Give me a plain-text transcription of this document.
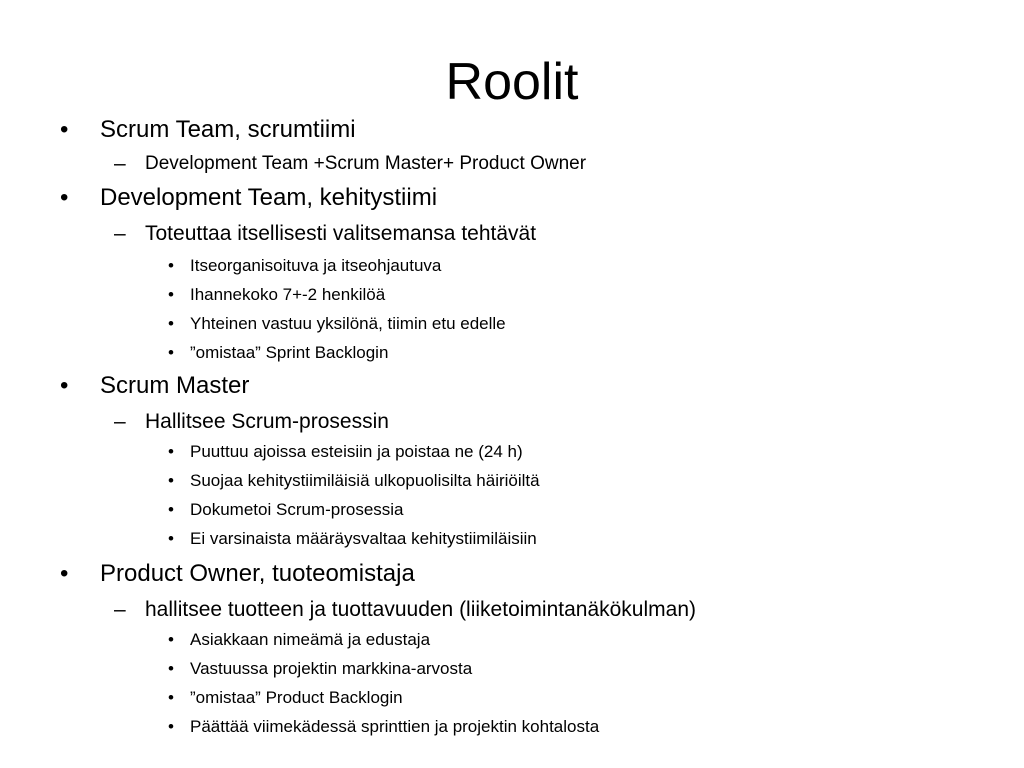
Roolit
• Scrum Team, scrumtiimi
– Development Team +Scrum Master+ Product Owner
• Development Team, kehitystiimi
– Toteuttaa itsellisesti valitsemansa tehtävät
• Itseorganisoituva ja itseohjautuva
• Ihannekoko 7+-2 henkilöä
• Yhteinen vastuu yksilönä, tiimin etu edelle
• ”omistaa” Sprint Backlogin
• Scrum Master
– Hallitsee Scrum-prosessin
• Puuttuu ajoissa esteisiin ja poistaa ne (24 h)
• Suojaa kehitystiimiläisiä ulkopuolisilta häiriöiltä
• Dokumetoi Scrum-prosessia
• Ei varsinaista määräysvaltaa kehitystiimiläisiin
• Product Owner, tuoteomistaja
– hallitsee tuotteen ja tuottavuuden (liiketoimintanäkökulman)
• Asiakkaan nimeämä ja edustaja
• Vastuussa projektin markkina-arvosta
• ”omistaa” Product Backlogin
• Päättää viimekädessä sprinttien ja projektin kohtalosta
